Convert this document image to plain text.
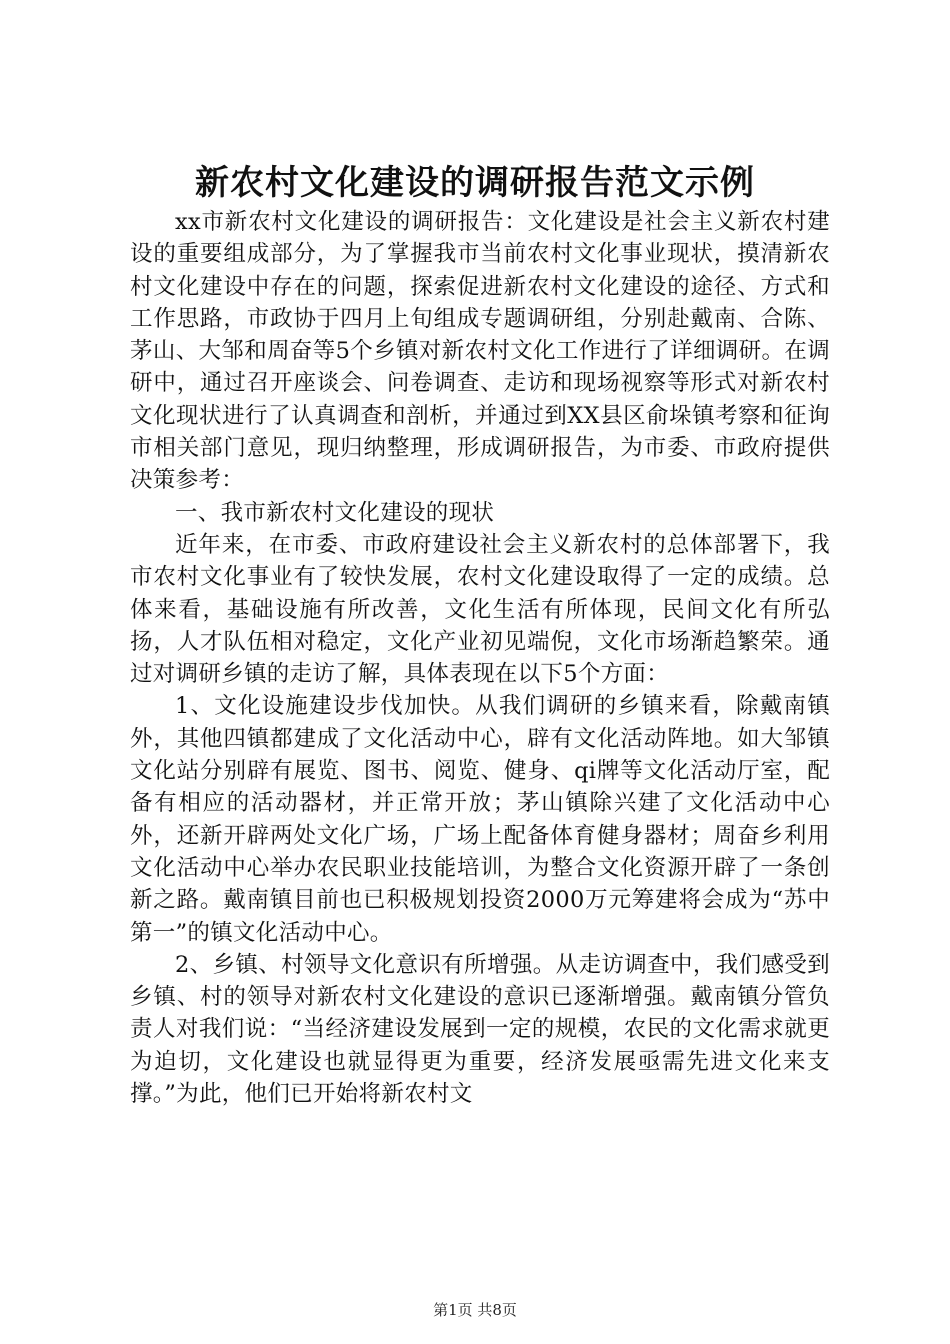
新农村文化建设的调研报告范文示例

xx市新农村文化建设的调研报告：文化建设是社会主义新农村建设的重要组成部分，为了掌握我市当前农村文化事业现状，摸清新农村文化建设中存在的问题，探索促进新农村文化建设的途径、方式和工作思路，市政协于四月上旬组成专题调研组，分别赴戴南、合陈、茅山、大邹和周奋等5个乡镇对新农村文化工作进行了详细调研。在调研中，通过召开座谈会、问卷调查、走访和现场视察等形式对新农村文化现状进行了认真调查和剖析，并通过到XX县区俞垛镇考察和征询市相关部门意见，现归纳整理，形成调研报告，为市委、市政府提供决策参考：

一、我市新农村文化建设的现状

近年来，在市委、市政府建设社会主义新农村的总体部署下，我市农村文化事业有了较快发展，农村文化建设取得了一定的成绩。总体来看，基础设施有所改善，文化生活有所体现，民间文化有所弘扬，人才队伍相对稳定，文化产业初见端倪，文化市场渐趋繁荣。通过对调研乡镇的走访了解，具体表现在以下5个方面：

1、文化设施建设步伐加快。从我们调研的乡镇来看，除戴南镇外，其他四镇都建成了文化活动中心，辟有文化活动阵地。如大邹镇文化站分别辟有展览、图书、阅览、健身、qi牌等文化活动厅室，配备有相应的活动器材，并正常开放；茅山镇除兴建了文化活动中心外，还新开辟两处文化广场，广场上配备体育健身器材；周奋乡利用文化活动中心举办农民职业技能培训，为整合文化资源开辟了一条创新之路。戴南镇目前也已积极规划投资2000万元筹建将会成为“苏中第一”的镇文化活动中心。

2、乡镇、村领导文化意识有所增强。从走访调查中，我们感受到乡镇、村的领导对新农村文化建设的意识已逐渐增强。戴南镇分管负责人对我们说：“当经济建设发展到一定的规模，农民的文化需求就更为迫切，文化建设也就显得更为重要，经济发展亟需先进文化来支撑。”为此，他们已开始将新农村文

第1页 共8页
